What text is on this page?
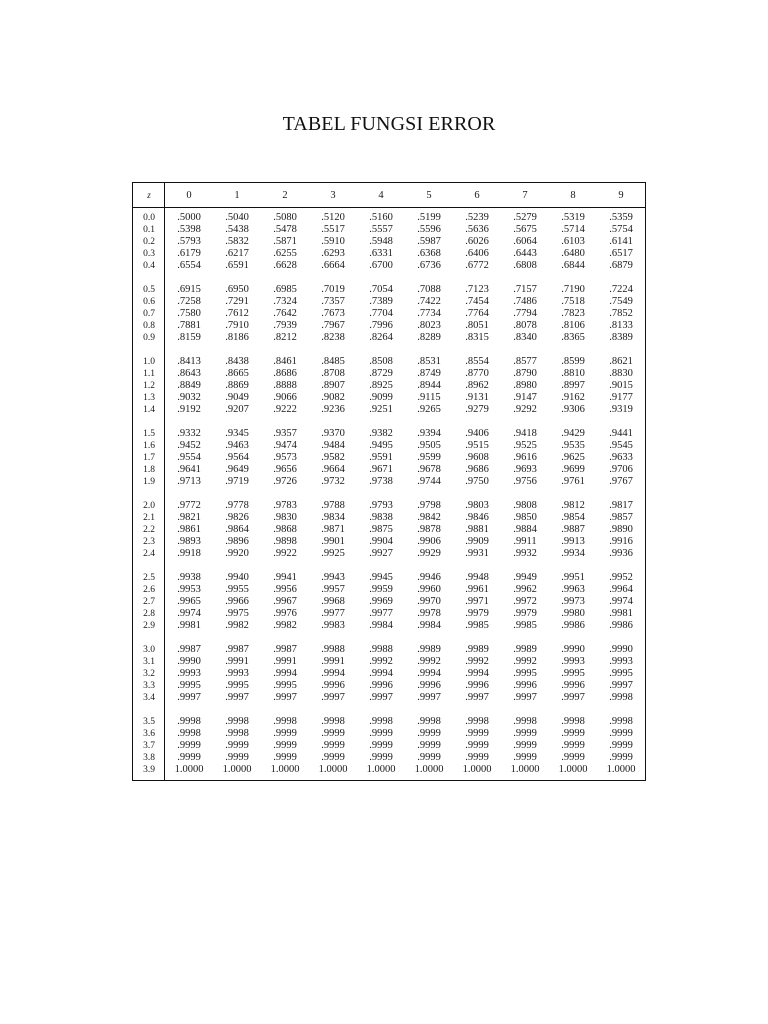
TABEL FUNGSI ERROR
z	0	1	2	3	4	5	6	7	8	9
0.0	.5000	.5040	.5080	.5120	.5160	.5199	.5239	.5279	.5319	.5359
0.1	.5398	.5438	.5478	.5517	.5557	.5596	.5636	.5675	.5714	.5754
0.2	.5793	.5832	.5871	.5910	.5948	.5987	.6026	.6064	.6103	.6141
0.3	.6179	.6217	.6255	.6293	.6331	.6368	.6406	.6443	.6480	.6517
0.4	.6554	.6591	.6628	.6664	.6700	.6736	.6772	.6808	.6844	.6879
0.5	.6915	.6950	.6985	.7019	.7054	.7088	.7123	.7157	.7190	.7224
0.6	.7258	.7291	.7324	.7357	.7389	.7422	.7454	.7486	.7518	.7549
0.7	.7580	.7612	.7642	.7673	.7704	.7734	.7764	.7794	.7823	.7852
0.8	.7881	.7910	.7939	.7967	.7996	.8023	.8051	.8078	.8106	.8133
0.9	.8159	.8186	.8212	.8238	.8264	.8289	.8315	.8340	.8365	.8389
1.0	.8413	.8438	.8461	.8485	.8508	.8531	.8554	.8577	.8599	.8621
1.1	.8643	.8665	.8686	.8708	.8729	.8749	.8770	.8790	.8810	.8830
1.2	.8849	.8869	.8888	.8907	.8925	.8944	.8962	.8980	.8997	.9015
1.3	.9032	.9049	.9066	.9082	.9099	.9115	.9131	.9147	.9162	.9177
1.4	.9192	.9207	.9222	.9236	.9251	.9265	.9279	.9292	.9306	.9319
1.5	.9332	.9345	.9357	.9370	.9382	.9394	.9406	.9418	.9429	.9441
1.6	.9452	.9463	.9474	.9484	.9495	.9505	.9515	.9525	.9535	.9545
1.7	.9554	.9564	.9573	.9582	.9591	.9599	.9608	.9616	.9625	.9633
1.8	.9641	.9649	.9656	.9664	.9671	.9678	.9686	.9693	.9699	.9706
1.9	.9713	.9719	.9726	.9732	.9738	.9744	.9750	.9756	.9761	.9767
2.0	.9772	.9778	.9783	.9788	.9793	.9798	.9803	.9808	.9812	.9817
2.1	.9821	.9826	.9830	.9834	.9838	.9842	.9846	.9850	.9854	.9857
2.2	.9861	.9864	.9868	.9871	.9875	.9878	.9881	.9884	.9887	.9890
2.3	.9893	.9896	.9898	.9901	.9904	.9906	.9909	.9911	.9913	.9916
2.4	.9918	.9920	.9922	.9925	.9927	.9929	.9931	.9932	.9934	.9936
2.5	.9938	.9940	.9941	.9943	.9945	.9946	.9948	.9949	.9951	.9952
2.6	.9953	.9955	.9956	.9957	.9959	.9960	.9961	.9962	.9963	.9964
2.7	.9965	.9966	.9967	.9968	.9969	.9970	.9971	.9972	.9973	.9974
2.8	.9974	.9975	.9976	.9977	.9977	.9978	.9979	.9979	.9980	.9981
2.9	.9981	.9982	.9982	.9983	.9984	.9984	.9985	.9985	.9986	.9986
3.0	.9987	.9987	.9987	.9988	.9988	.9989	.9989	.9989	.9990	.9990
3.1	.9990	.9991	.9991	.9991	.9992	.9992	.9992	.9992	.9993	.9993
3.2	.9993	.9993	.9994	.9994	.9994	.9994	.9994	.9995	.9995	.9995
3.3	.9995	.9995	.9995	.9996	.9996	.9996	.9996	.9996	.9996	.9997
3.4	.9997	.9997	.9997	.9997	.9997	.9997	.9997	.9997	.9997	.9998
3.5	.9998	.9998	.9998	.9998	.9998	.9998	.9998	.9998	.9998	.9998
3.6	.9998	.9998	.9999	.9999	.9999	.9999	.9999	.9999	.9999	.9999
3.7	.9999	.9999	.9999	.9999	.9999	.9999	.9999	.9999	.9999	.9999
3.8	.9999	.9999	.9999	.9999	.9999	.9999	.9999	.9999	.9999	.9999
3.9	1.0000	1.0000	1.0000	1.0000	1.0000	1.0000	1.0000	1.0000	1.0000	1.0000
